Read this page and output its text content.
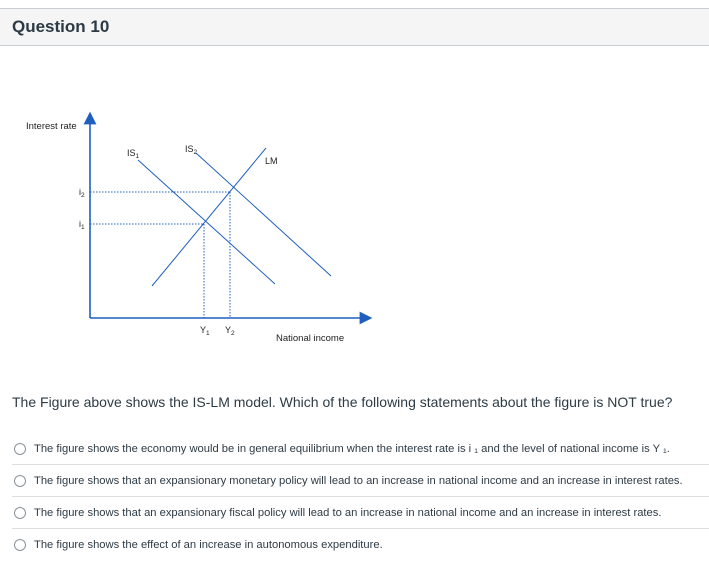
Question 10
Interest rate
National income
$IS_1$
$IS_2$
LM
$i_2$
$i_1$
$Y_1$ $Y_2$

The Figure above shows the IS-LM model. Which of the following statements about the figure is NOT true?

The figure shows the economy would be in general equilibrium when the interest rate is i ₁ and the level of national income is Y ₁.
The figure shows that an expansionary monetary policy will lead to an increase in national income and an increase in interest rates.
The figure shows that an expansionary fiscal policy will lead to an increase in national income and an increase in interest rates.
The figure shows the effect of an increase in autonomous expenditure.
